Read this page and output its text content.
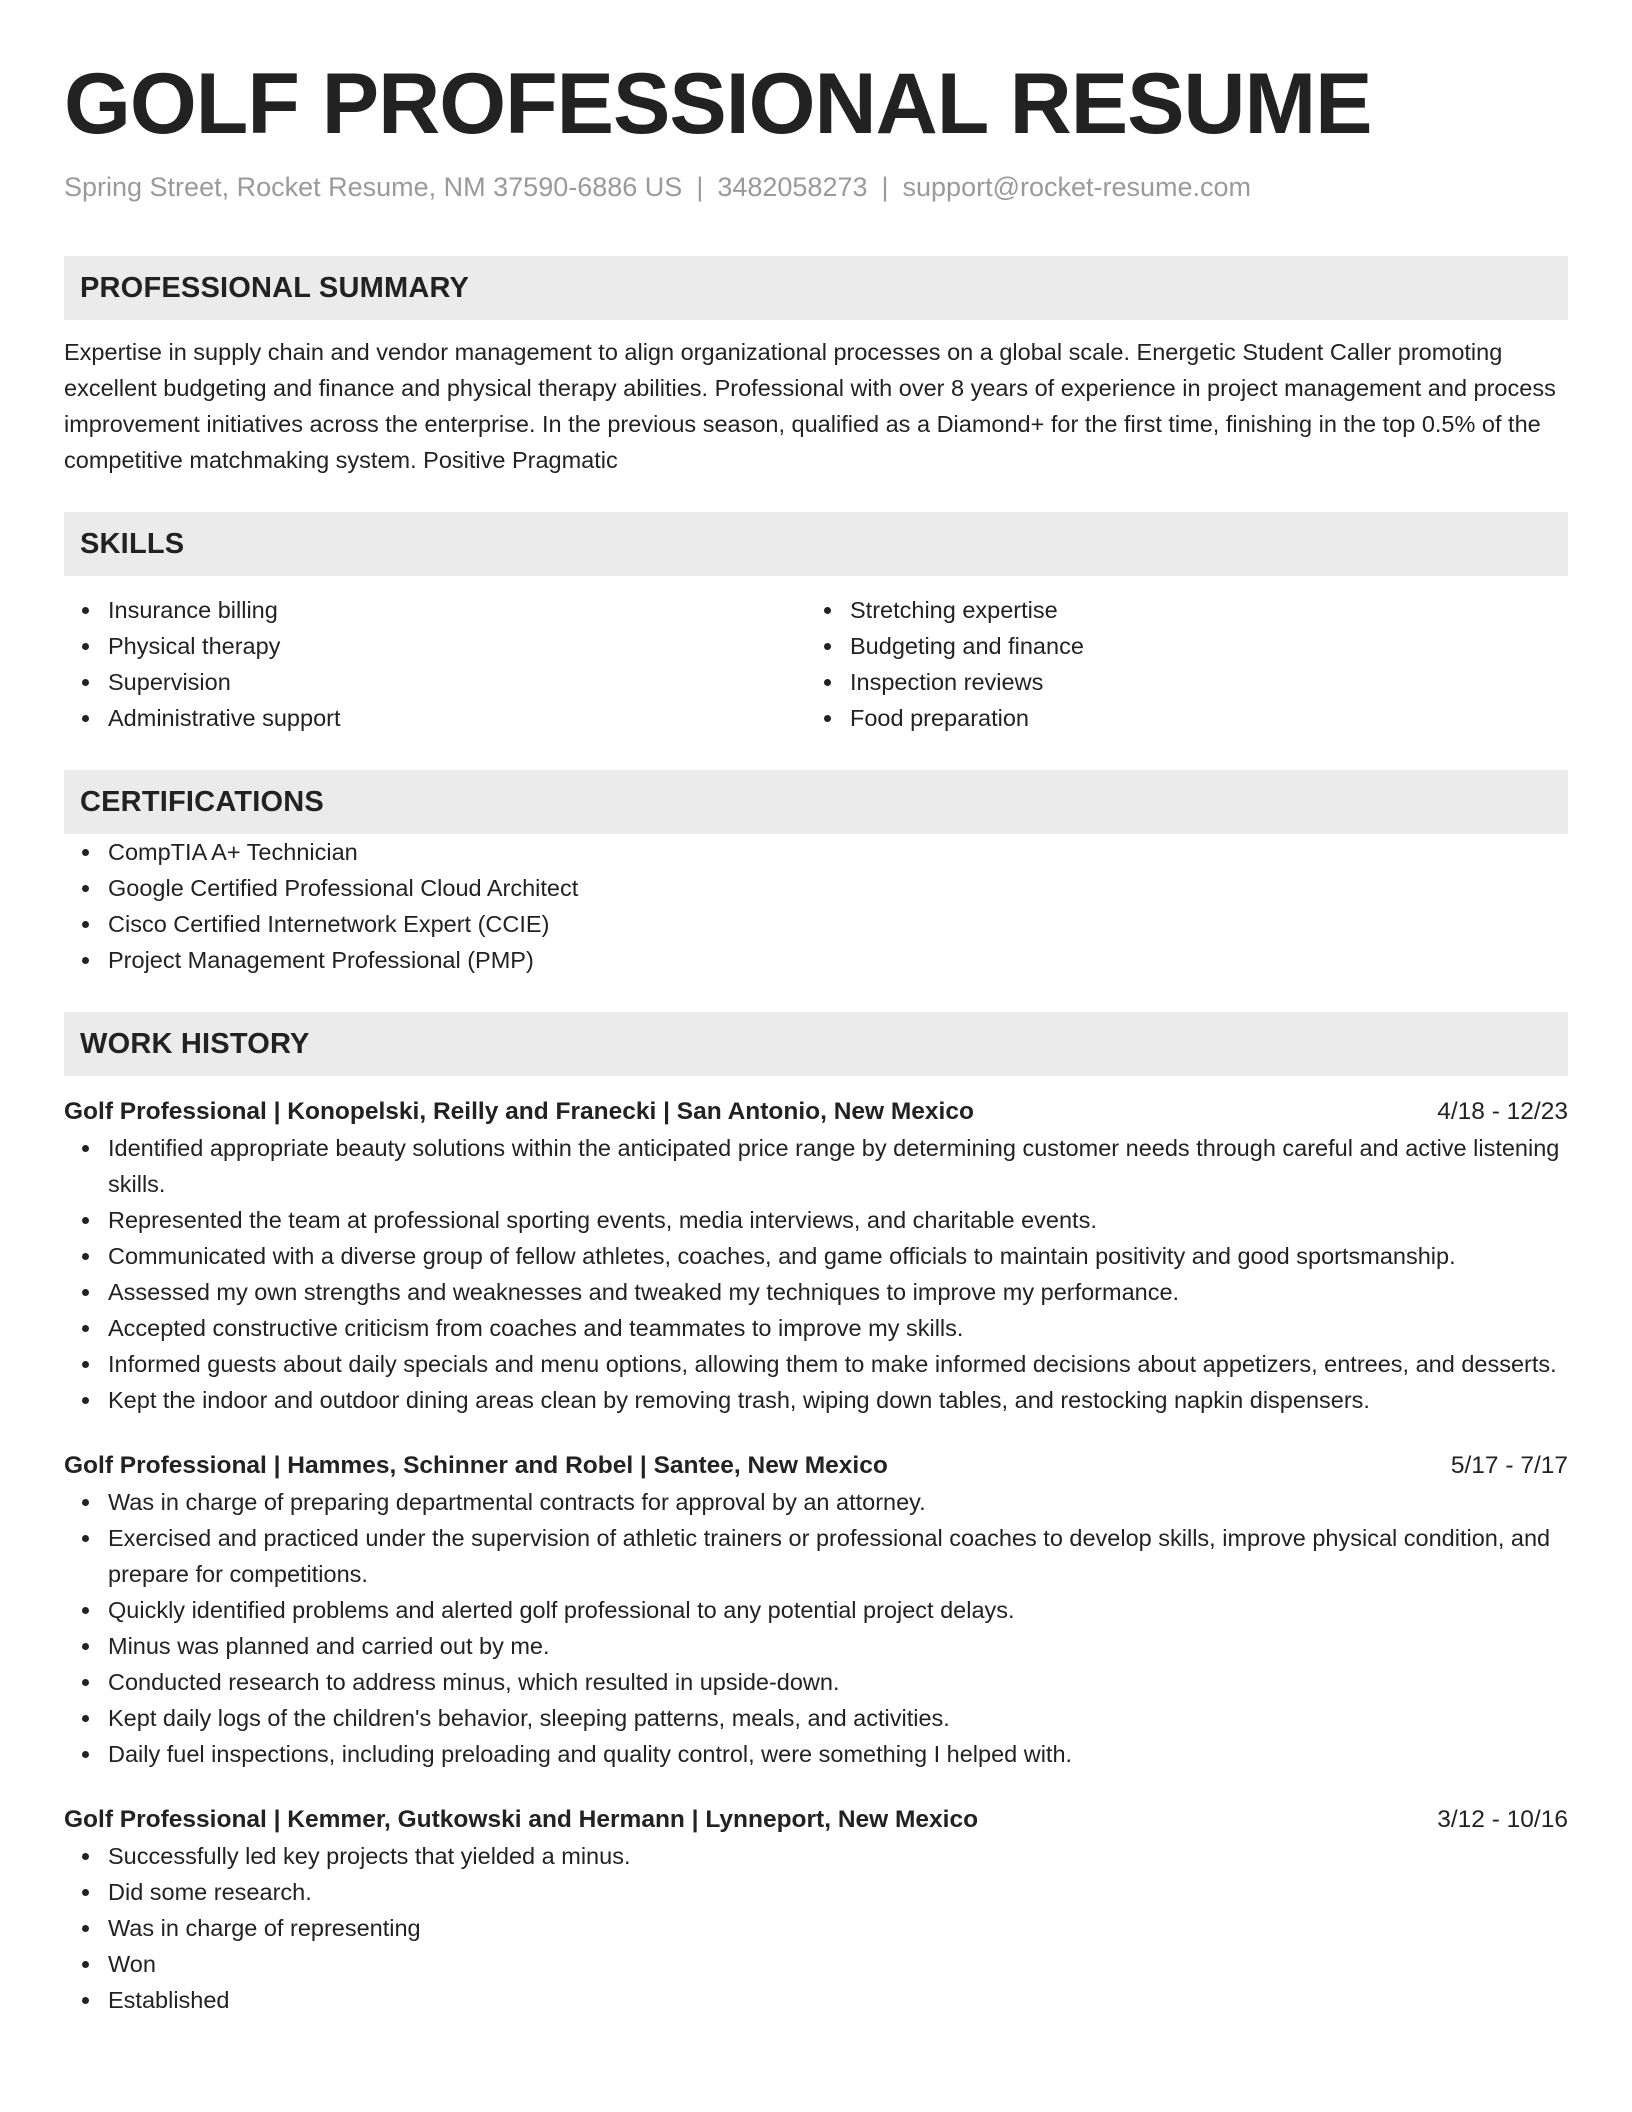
GOLF PROFESSIONAL RESUME
Spring Street, Rocket Resume, NM 37590-6886 US | 3482058273 | support@rocket-resume.com
PROFESSIONAL SUMMARY
Expertise in supply chain and vendor management to align organizational processes on a global scale. Energetic Student Caller promoting excellent budgeting and finance and physical therapy abilities. Professional with over 8 years of experience in project management and process improvement initiatives across the enterprise. In the previous season, qualified as a Diamond+ for the first time, finishing in the top 0.5% of the competitive matchmaking system. Positive Pragmatic
SKILLS
Insurance billing
Physical therapy
Supervision
Administrative support
Stretching expertise
Budgeting and finance
Inspection reviews
Food preparation
CERTIFICATIONS
CompTIA A+ Technician
Google Certified Professional Cloud Architect
Cisco Certified Internetwork Expert (CCIE)
Project Management Professional (PMP)
WORK HISTORY
Golf Professional | Konopelski, Reilly and Franecki | San Antonio, New Mexico	4/18 - 12/23
Identified appropriate beauty solutions within the anticipated price range by determining customer needs through careful and active listening skills.
Represented the team at professional sporting events, media interviews, and charitable events.
Communicated with a diverse group of fellow athletes, coaches, and game officials to maintain positivity and good sportsmanship.
Assessed my own strengths and weaknesses and tweaked my techniques to improve my performance.
Accepted constructive criticism from coaches and teammates to improve my skills.
Informed guests about daily specials and menu options, allowing them to make informed decisions about appetizers, entrees, and desserts.
Kept the indoor and outdoor dining areas clean by removing trash, wiping down tables, and restocking napkin dispensers.
Golf Professional | Hammes, Schinner and Robel | Santee, New Mexico	5/17 - 7/17
Was in charge of preparing departmental contracts for approval by an attorney.
Exercised and practiced under the supervision of athletic trainers or professional coaches to develop skills, improve physical condition, and prepare for competitions.
Quickly identified problems and alerted golf professional to any potential project delays.
Minus was planned and carried out by me.
Conducted research to address minus, which resulted in upside-down.
Kept daily logs of the children's behavior, sleeping patterns, meals, and activities.
Daily fuel inspections, including preloading and quality control, were something I helped with.
Golf Professional | Kemmer, Gutkowski and Hermann | Lynneport, New Mexico	3/12 - 10/16
Successfully led key projects that yielded a minus.
Did some research.
Was in charge of representing
Won
Established
